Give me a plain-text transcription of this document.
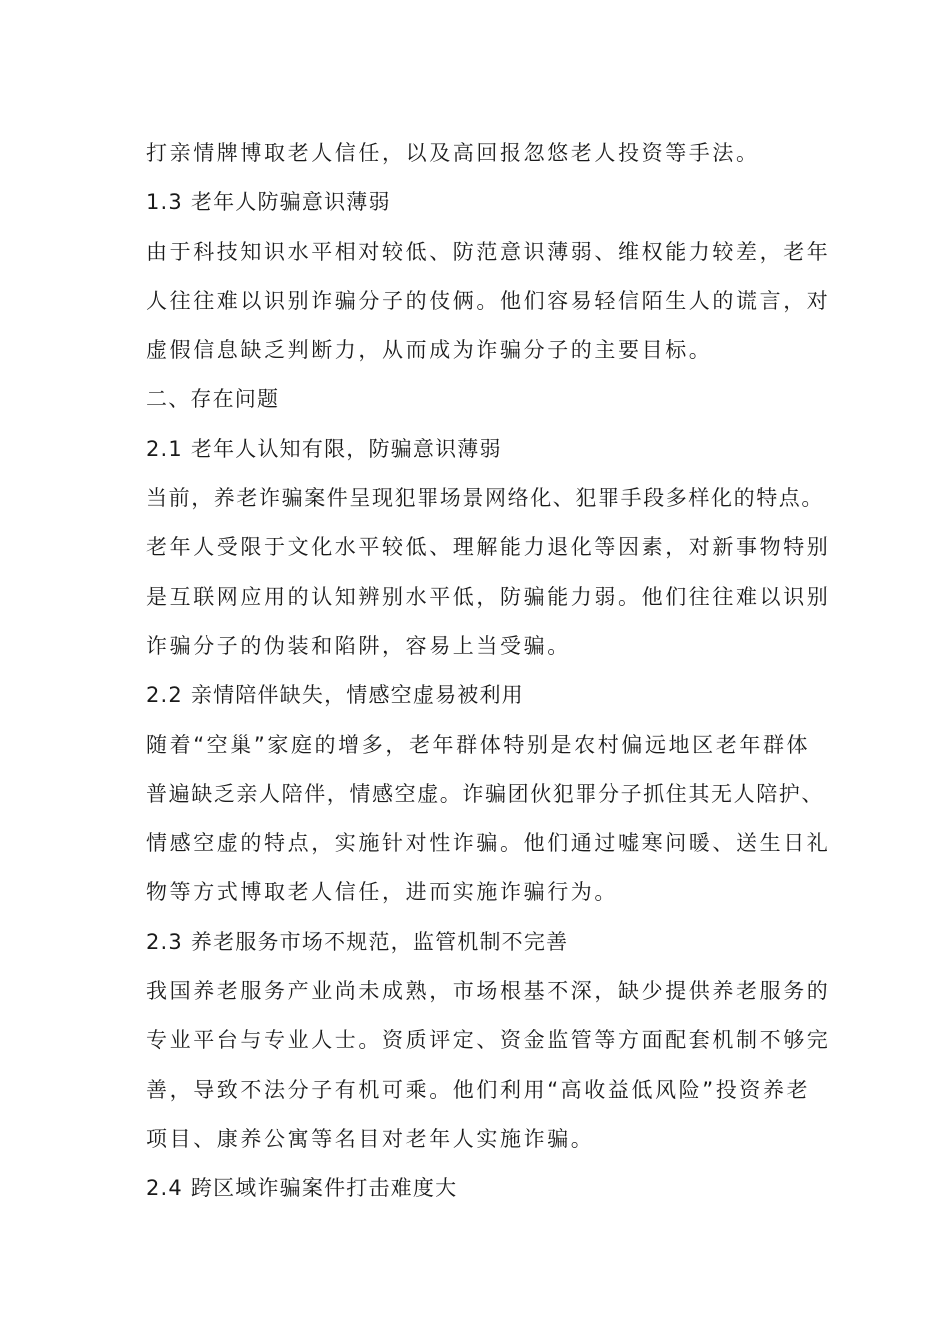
打亲情牌博取老人信任，以及高回报忽悠老人投资等手法。
1.3 老年人防骗意识薄弱
由于科技知识水平相对较低、防范意识薄弱、维权能力较差，老年
人往往难以识别诈骗分子的伎俩。他们容易轻信陌生人的谎言，对
虚假信息缺乏判断力，从而成为诈骗分子的主要目标。
二、存在问题
2.1 老年人认知有限，防骗意识薄弱
当前，养老诈骗案件呈现犯罪场景网络化、犯罪手段多样化的特点。
老年人受限于文化水平较低、理解能力退化等因素，对新事物特别
是互联网应用的认知辨别水平低，防骗能力弱。他们往往难以识别
诈骗分子的伪装和陷阱，容易上当受骗。
2.2 亲情陪伴缺失，情感空虚易被利用
随着“空巢”家庭的增多，老年群体特别是农村偏远地区老年群体
普遍缺乏亲人陪伴，情感空虚。诈骗团伙犯罪分子抓住其无人陪护、
情感空虚的特点，实施针对性诈骗。他们通过嘘寒问暖、送生日礼
物等方式博取老人信任，进而实施诈骗行为。
2.3 养老服务市场不规范，监管机制不完善
我国养老服务产业尚未成熟，市场根基不深，缺少提供养老服务的
专业平台与专业人士。资质评定、资金监管等方面配套机制不够完
善，导致不法分子有机可乘。他们利用“高收益低风险”投资养老
项目、康养公寓等名目对老年人实施诈骗。
2.4 跨区域诈骗案件打击难度大
